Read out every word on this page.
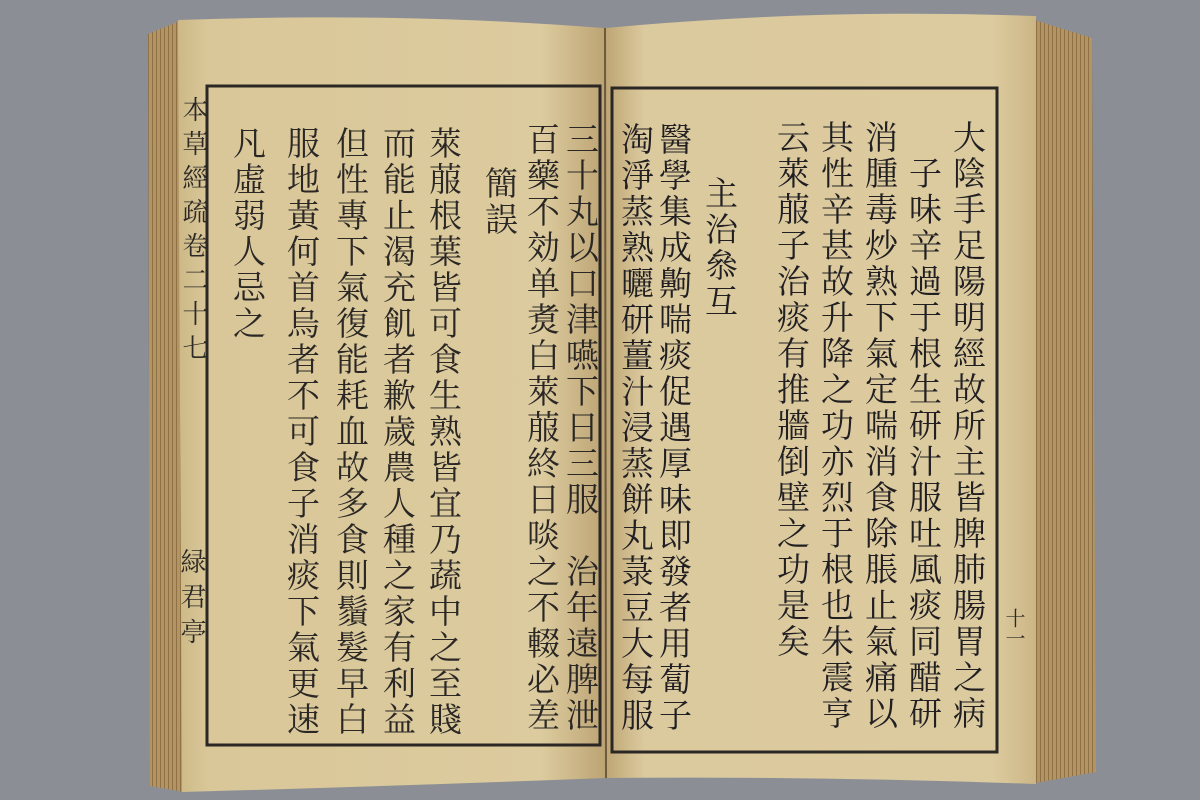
大陰手足陽明經故所主皆脾肺腸胃之病
子味辛過于根生研汁服吐風痰同醋研
消腫毒炒熟下氣定喘消食除脹止氣痛以
其性辛甚故升降之功亦烈于根也朱震亨
云萊菔子治痰有推牆倒壁之功是矣
主治叅互
醫學集成齁喘痰促遇厚味即發者用蔔子
淘淨蒸熟曬研薑汁浸蒸餅丸菉豆大每服	十一
三十丸以口津嚥下日三服　治年遠脾泄
百藥不効单煑白萊菔終日啖之不輟必差
簡誤
萊菔根葉皆可食生熟皆宜乃蔬中之至賤
而能止渴充飢者歉歲農人種之家有利益
但性專下氣復能耗血故多食則鬚髮早白
服地黃何首烏者不可食子消痰下氣更速
凡虛弱人忌之
本草經疏卷二十七
緑君亭
